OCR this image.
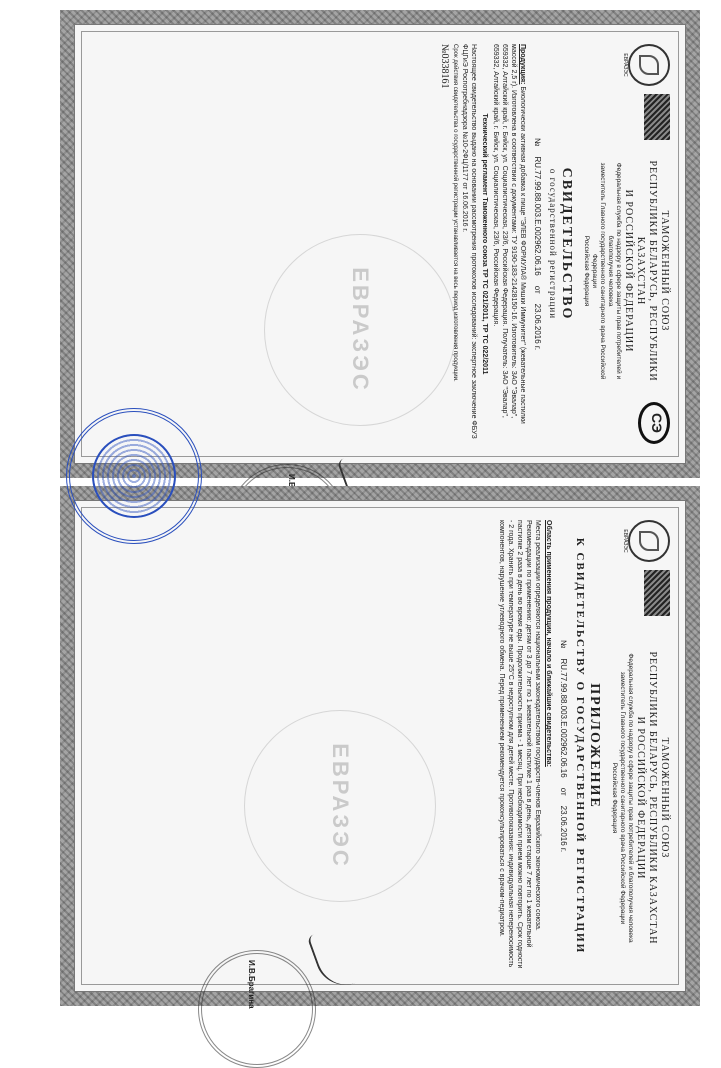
ЕВРАЗЭС
ТАМОЖЕННЫЙ СОЮЗ
РЕСПУБЛИКИ БЕЛАРУСЬ, РЕСПУБЛИКИ КАЗАХСТАН
И РОССИЙСКОЙ ФЕДЕРАЦИИ
Федеральная служба по надзору в сфере защиты прав потребителей и благополучия человека
заместитель Главного государственного санитарного врача Российской Федерации
Российская Федерация
СЭ
СВИДЕТЕЛЬСТВО
о государственной регистрации
№
RU.77.99.88.003.Е.002962.06.16
от
23.06.2016 г.

Продукция: Биологически активная добавка к пище "ЭЛЕВ ФОРМУЛА® Мишки Иммунитет" (жевательные пастилки массой 2,5 г). Изготовлена в соответствии с документами: ТУ 9190-183-21428150-16. Изготовитель: ЗАО "Эвалар", 659332, Алтайский край, г. Бийск, ул. Социалистическая, 23/6, Российская Федерация. Получатель: ЗАО "Эвалар", 659332, Алтайский край, г. Бийск, ул. Социалистическая, 23/6, Российская Федерация.

Технический регламент Таможенного союза ТР ТС 021/2011, ТР ТС 022/2011

Настоящее свидетельство выдано на основании рассмотрения протоколов исследований: экспертное заключение ФБУЗ ФЦГиЭ Роспотребнадзора №10-2ФЦ/1177 от 16.06.2016 г.

Срок действия свидетельства о государственной регистрации устанавливается на весь период изготовления продукции.

№0338161
ЕВРАЗЭС
ЕВРАЗЭС
ТАМОЖЕННЫЙ СОЮЗ
РЕСПУБЛИКИ БЕЛАРУСЬ, РЕСПУБЛИКИ КАЗАХСТАН
И РОССИЙСКОЙ ФЕДЕРАЦИИ
Федеральная служба по надзору в сфере защиты прав потребителей и благополучия человека
заместитель Главного государственного санитарного врача Российской Федерации
Российская Федерация
ПРИЛОЖЕНИЕ
К СВИДЕТЕЛЬСТВУ О ГОСУДАРСТВЕННОЙ РЕГИСТРАЦИИ
№
RU.77.99.88.003.Е.002962.06.16
от
23.06.2016 г.

Область применения продукции, начало и ближайшие свидетельства:

Места реализации определяются национальным законодательством государств-членов Евразийского экономического союза. Рекомендации по применению: детям от 3 до 7 лет по 1 жевательной пастилке 1 раз в день, детям старше 7 лет по 1 жевательной пастилке 2 раза в день во время еды. Продолжительность приема - 1 месяц. При необходимости прием можно повторить. Срок годности - 2 года. Хранить при температуре не выше 25°С в недоступном для детей месте. Противопоказания: индивидуальная непереносимость компонентов, нарушение углеводного обмена. Перед применением рекомендуется проконсультироваться с врачом-педиатром.

ЕВРАЗЭС
И.В.Брагина
